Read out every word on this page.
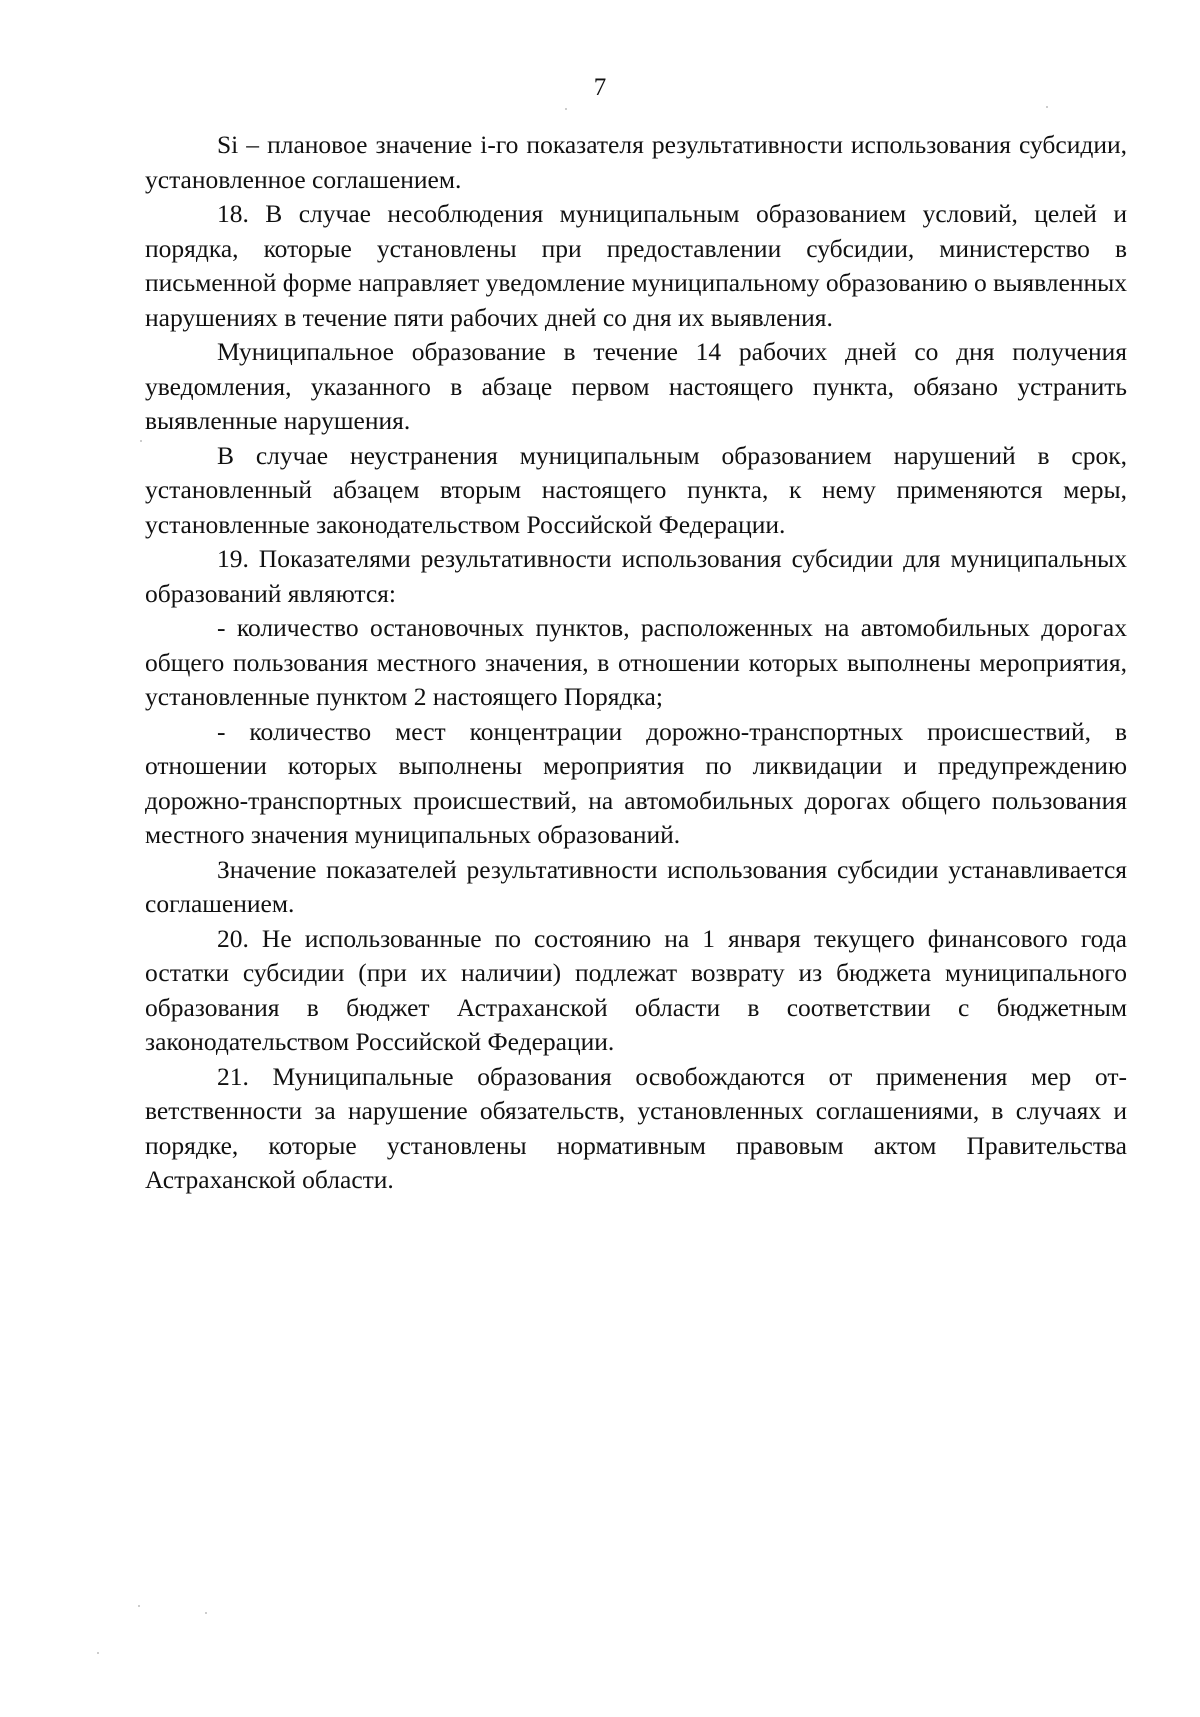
7

Si – плановое значение i-го показателя результативности использования субсидии, установленное соглашением.

18. В случае несоблюдения муниципальным образованием условий, целей и порядка, которые установлены при предоставлении субсидии, министерство в письменной форме направляет уведомление муниципальному образованию о выявленных нарушениях в течение пяти рабочих дней со дня их выявления.

Муниципальное образование в течение 14 рабочих дней со дня получения уведомления, указанного в абзаце первом настоящего пункта, обязано устранить выявленные нарушения.

В случае неустранения муниципальным образованием нарушений в срок, установленный абзацем вторым настоящего пункта, к нему применяются меры, установленные законодательством Российской Федерации.

19. Показателями результативности использования субсидии для муниципальных образований являются:

- количество остановочных пунктов, расположенных на автомобильных дорогах общего пользования местного значения, в отношении которых выполнены мероприятия, установленные пунктом 2 настоящего Порядка;

- количество мест концентрации дорожно-транспортных происшествий, в отношении которых выполнены мероприятия по ликвидации и предупреждению дорожно-транспортных происшествий, на автомобильных дорогах общего пользования местного значения муниципальных образований.

Значение показателей результативности использования субсидии устанавливается соглашением.

20. Не использованные по состоянию на 1 января текущего финансового года остатки субсидии (при их наличии) подлежат возврату из бюджета муниципального образования в бюджет Астраханской области в соответствии с бюджетным законодательством Российской Федерации.

21. Муниципальные образования освобождаются от применения мер ответственности за нарушение обязательств, установленных соглашениями, в случаях и порядке, которые установлены нормативным правовым актом Правительства Астраханской области.
